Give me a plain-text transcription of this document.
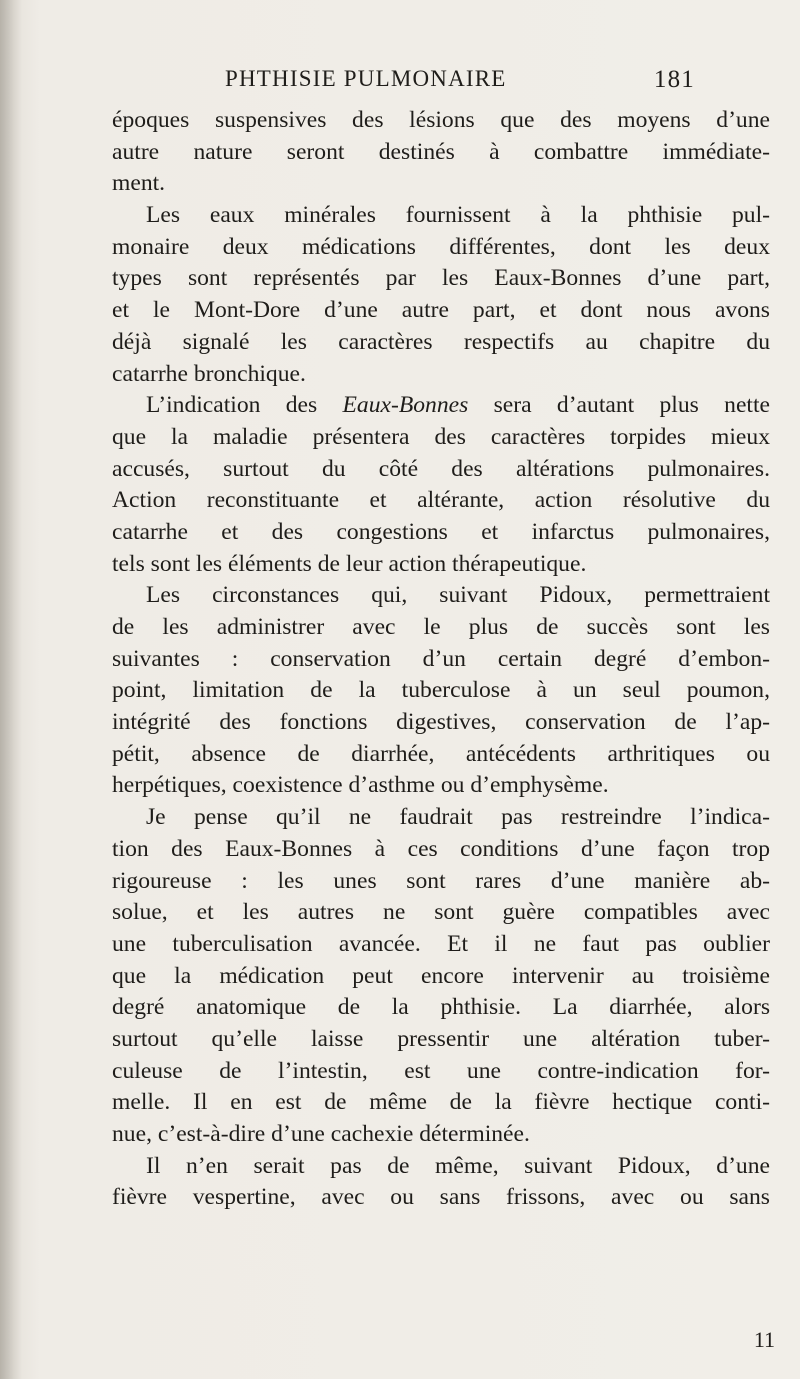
PHTHISIE PULMONAIRE	181
époques suspensives des lésions que des moyens d’une
autre nature seront destinés à combattre immédiate-
ment.
Les eaux minérales fournissent à la phthisie pul-
monaire deux médications différentes, dont les deux
types sont représentés par les Eaux-Bonnes d’une part,
et le Mont-Dore d’une autre part, et dont nous avons
déjà signalé les caractères respectifs au chapitre du
catarrhe bronchique.
L’indication des Eaux-Bonnes sera d’autant plus nette
que la maladie présentera des caractères torpides mieux
accusés, surtout du côté des altérations pulmonaires.
Action reconstituante et altérante, action résolutive du
catarrhe et des congestions et infarctus pulmonaires,
tels sont les éléments de leur action thérapeutique.
Les circonstances qui, suivant Pidoux, permettraient
de les administrer avec le plus de succès sont les
suivantes : conservation d’un certain degré d’embon-
point, limitation de la tuberculose à un seul poumon,
intégrité des fonctions digestives, conservation de l’ap-
pétit, absence de diarrhée, antécédents arthritiques ou
herpétiques, coexistence d’asthme ou d’emphysème.
Je pense qu’il ne faudrait pas restreindre l’indica-
tion des Eaux-Bonnes à ces conditions d’une façon trop
rigoureuse : les unes sont rares d’une manière ab-
solue, et les autres ne sont guère compatibles avec
une tuberculisation avancée. Et il ne faut pas oublier
que la médication peut encore intervenir au troisième
degré anatomique de la phthisie. La diarrhée, alors
surtout qu’elle laisse pressentir une altération tuber-
culeuse de l’intestin, est une contre-indication for-
melle. Il en est de même de la fièvre hectique conti-
nue, c’est-à-dire d’une cachexie déterminée.
Il n’en serait pas de même, suivant Pidoux, d’une
fièvre vespertine, avec ou sans frissons, avec ou sans
11
